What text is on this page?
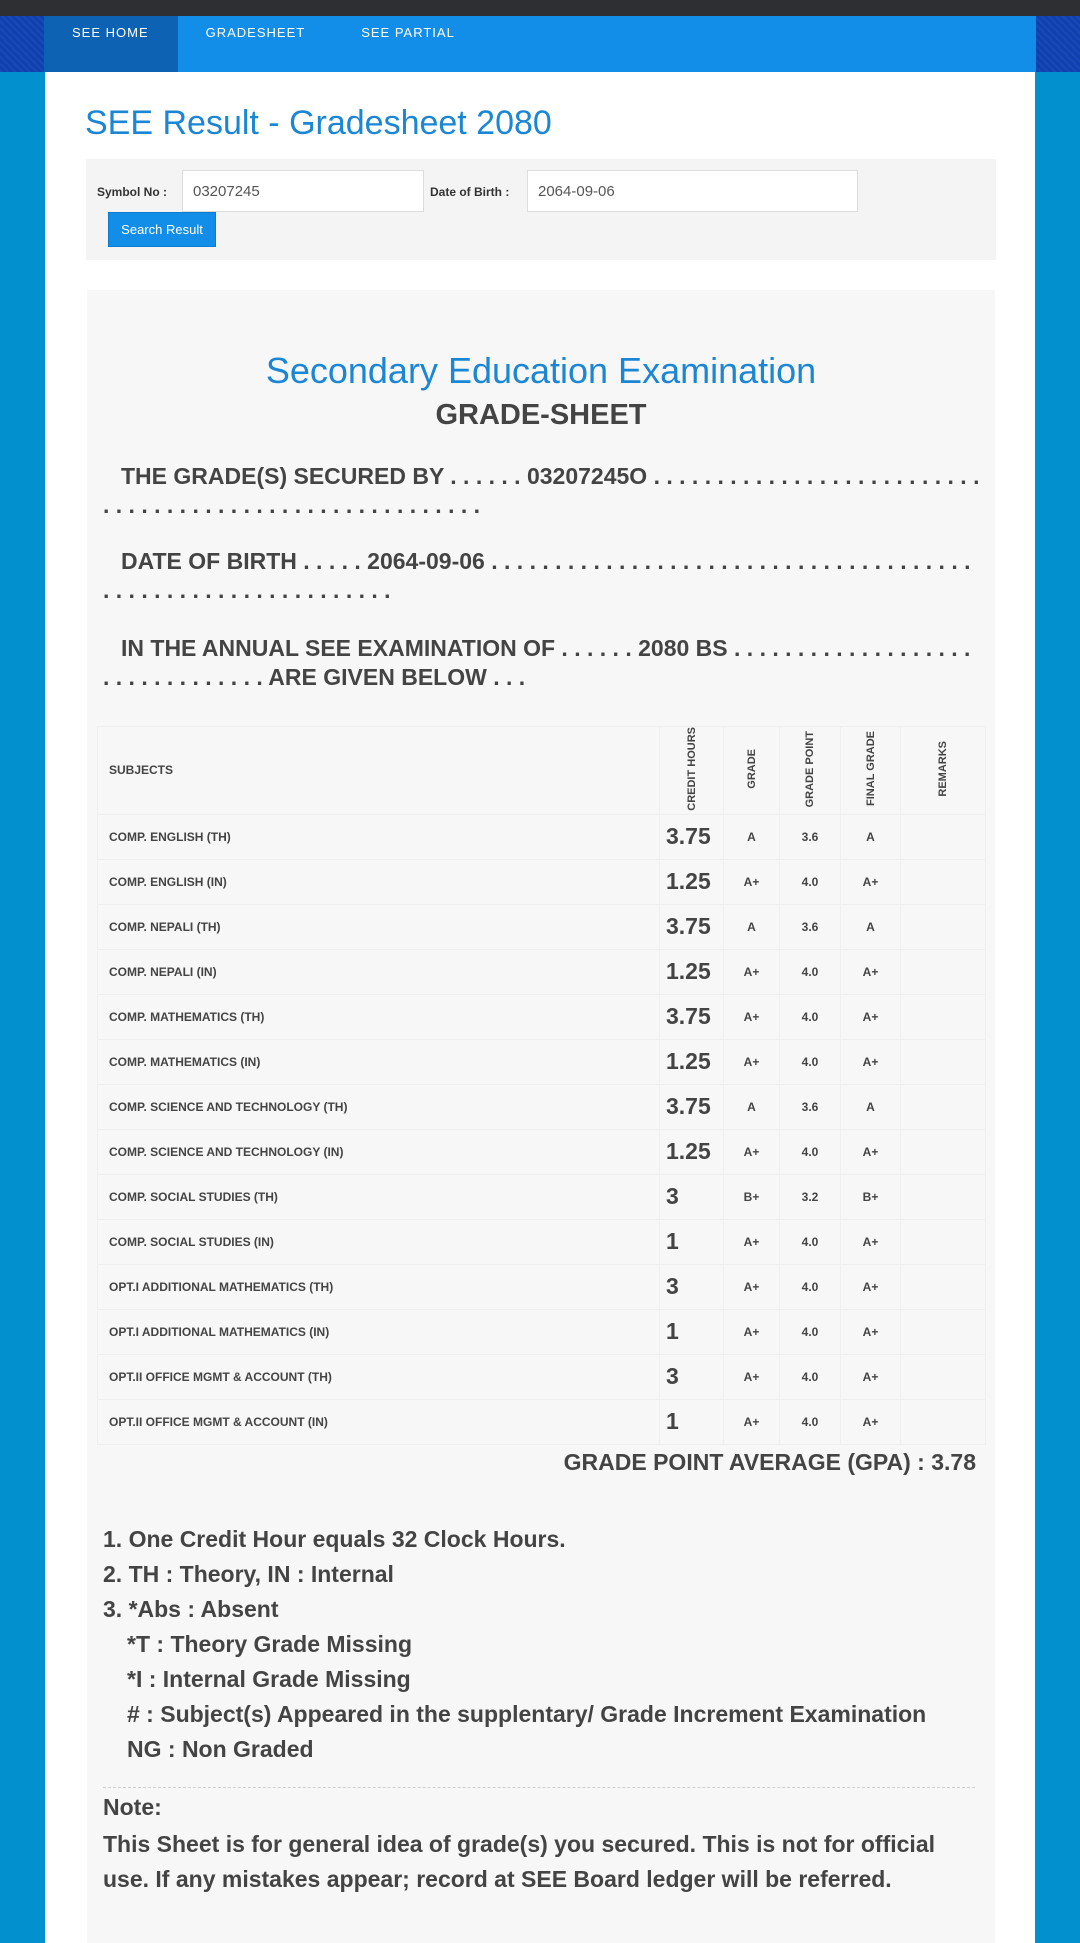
SEE HOME	GRADESHEET	SEE PARTIAL
SEE Result - Gradesheet 2080
Symbol No :
03207245	Date of Birth :
2064-09-06
Search Result
Secondary Education Examination
GRADE-SHEET
THE GRADE(S) SECURED BY . . . . . . 03207245O . . . . . . . . . . . . . . . . . . . . . . . . . . . . . . . . . . . . . . . . . . . . . . . . . . . . . . . .
DATE OF BIRTH . . . . . 2064-09-06 . . . . . . . . . . . . . . . . . . . . . . . . . . . . . . . . . . . . . . . . . . . . . . . . . . . . . . . . . . . . .
IN THE ANNUAL SEE EXAMINATION OF . . . . . . 2080 BS . . . . . . . . . . . . . . . . . . . . . . . . . . . . . . . . ARE GIVEN BELOW . . .
SUBJECTS	CREDIT HOURS	GRADE	GRADE POINT	FINAL GRADE	REMARKS
COMP. ENGLISH (TH)	3.75	A	3.6	A	
COMP. ENGLISH (IN)	1.25	A+	4.0	A+	
COMP. NEPALI (TH)	3.75	A	3.6	A	
COMP. NEPALI (IN)	1.25	A+	4.0	A+	
COMP. MATHEMATICS (TH)	3.75	A+	4.0	A+	
COMP. MATHEMATICS (IN)	1.25	A+	4.0	A+	
COMP. SCIENCE AND TECHNOLOGY (TH)	3.75	A	3.6	A	
COMP. SCIENCE AND TECHNOLOGY (IN)	1.25	A+	4.0	A+	
COMP. SOCIAL STUDIES (TH)	3	B+	3.2	B+	
COMP. SOCIAL STUDIES (IN)	1	A+	4.0	A+	
OPT.I ADDITIONAL MATHEMATICS (TH)	3	A+	4.0	A+	
OPT.I ADDITIONAL MATHEMATICS (IN)	1	A+	4.0	A+	
OPT.II OFFICE MGMT & ACCOUNT (TH)	3	A+	4.0	A+	
OPT.II OFFICE MGMT & ACCOUNT (IN)	1	A+	4.0	A+	
GRADE POINT AVERAGE (GPA) : 3.78
1. One Credit Hour equals 32 Clock Hours.
2. TH : Theory, IN : Internal
3. *Abs : Absent
*T : Theory Grade Missing
*I : Internal Grade Missing
# : Subject(s) Appeared in the supplentary/ Grade Increment Examination
NG : Non Graded
Note:
This Sheet is for general idea of grade(s) you secured. This is not for official use. If any mistakes appear; record at SEE Board ledger will be referred.
